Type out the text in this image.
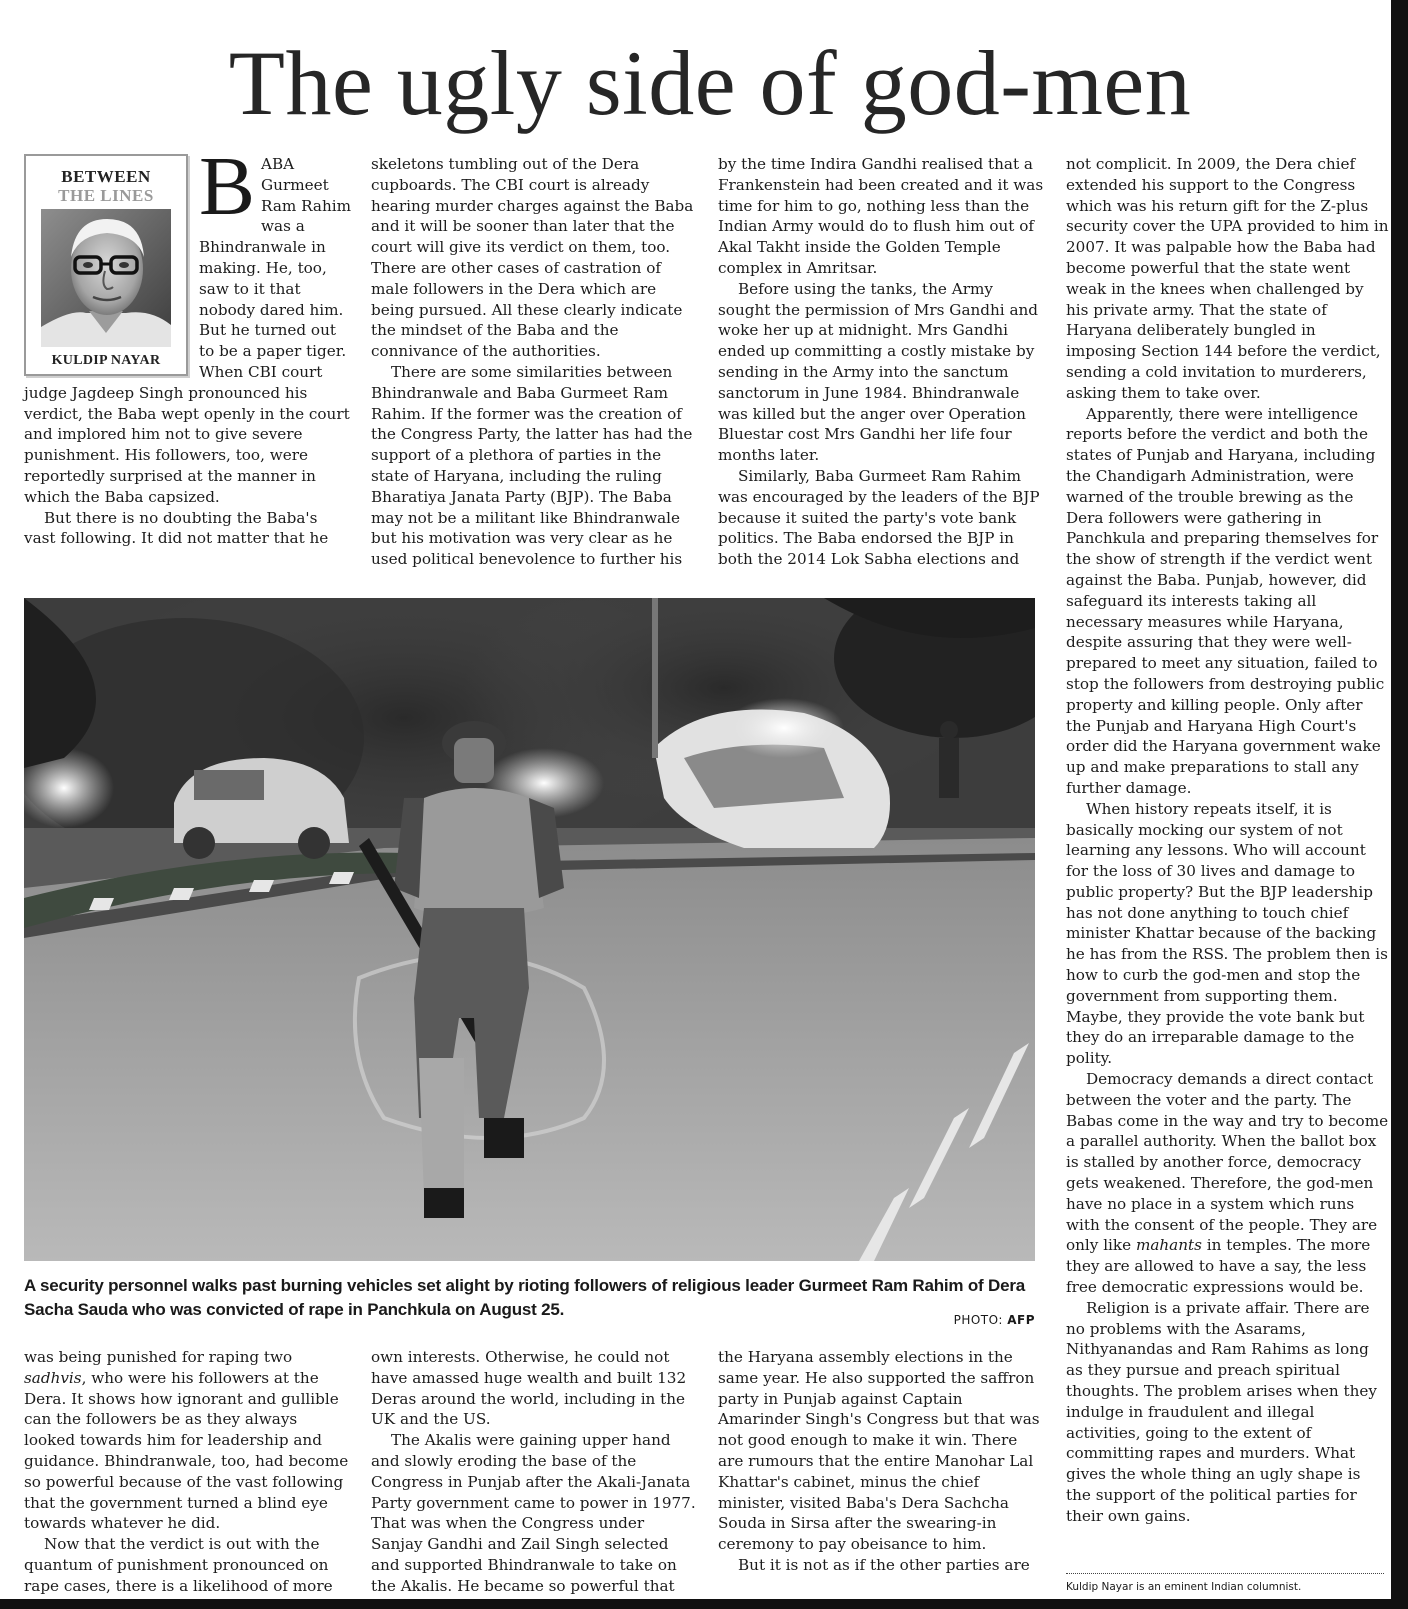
The ugly side of god-men
BETWEEN
THE LINES
KULDIP NAYAR
B ABA Gurmeet Ram Rahim was a Bhindranwale in making. He, too, saw to it that nobody dared him. But he turned out to be a paper tiger. When CBI court judge Jagdeep Singh pronounced his verdict, the Baba wept openly in the court and implored him not to give severe punishment. His followers, too, were reportedly surprised at the manner in which the Baba capsized.

But there is no doubting the Baba's vast following. It did not matter that he

skeletons tumbling out of the Dera cupboards. The CBI court is already hearing murder charges against the Baba and it will be sooner than later that the court will give its verdict on them, too. There are other cases of castration of male followers in the Dera which are being pursued. All these clearly indicate the mindset of the Baba and the connivance of the authorities.

There are some similarities between Bhindranwale and Baba Gurmeet Ram Rahim. If the former was the creation of the Congress Party, the latter has had the support of a plethora of parties in the state of Haryana, including the ruling Bharatiya Janata Party (BJP). The Baba may not be a militant like Bhindranwale but his motivation was very clear as he used political benevolence to further his

by the time Indira Gandhi realised that a Frankenstein had been created and it was time for him to go, nothing less than the Indian Army would do to flush him out of Akal Takht inside the Golden Temple complex in Amritsar.

Before using the tanks, the Army sought the permission of Mrs Gandhi and woke her up at midnight. Mrs Gandhi ended up committing a costly mistake by sending in the Army into the sanctum sanctorum in June 1984. Bhindranwale was killed but the anger over Operation Bluestar cost Mrs Gandhi her life four months later.

Similarly, Baba Gurmeet Ram Rahim was encouraged by the leaders of the BJP because it suited the party's vote bank politics. The Baba endorsed the BJP in both the 2014 Lok Sabha elections and

not complicit. In 2009, the Dera chief extended his support to the Congress which was his return gift for the Z-plus security cover the UPA provided to him in 2007. It was palpable how the Baba had become powerful that the state went weak in the knees when challenged by his private army. That the state of Haryana deliberately bungled in imposing Section 144 before the verdict, sending a cold invitation to murderers, asking them to take over.

Apparently, there were intelligence reports before the verdict and both the states of Punjab and Haryana, including the Chandigarh Administration, were warned of the trouble brewing as the Dera followers were gathering in Panchkula and preparing themselves for the show of strength if the verdict went against the Baba. Punjab, however, did safeguard its interests taking all necessary measures while Haryana, despite assuring that they were well-prepared to meet any situation, failed to stop the followers from destroying public property and killing people. Only after the Punjab and Haryana High Court's order did the Haryana government wake up and make preparations to stall any further damage.

When history repeats itself, it is basically mocking our system of not learning any lessons. Who will account for the loss of 30 lives and damage to public property? But the BJP leadership has not done anything to touch chief minister Khattar because of the backing he has from the RSS. The problem then is how to curb the god-men and stop the government from supporting them. Maybe, they provide the vote bank but they do an irreparable damage to the polity.

Democracy demands a direct contact between the voter and the party. The Babas come in the way and try to become a parallel authority. When the ballot box is stalled by another force, democracy gets weakened. Therefore, the god-men have no place in a system which runs with the consent of the people. They are only like mahants in temples. The more they are allowed to have a say, the less free democratic expressions would be.

Religion is a private affair. There are no problems with the Asarams, Nithyanandas and Ram Rahims as long as they pursue and preach spiritual thoughts. The problem arises when they indulge in fraudulent and illegal activities, going to the extent of committing rapes and murders. What gives the whole thing an ugly shape is the support of the political parties for their own gains.

A security personnel walks past burning vehicles set alight by rioting followers of religious leader Gurmeet Ram Rahim of Dera Sacha Sauda who was convicted of rape in Panchkula on August 25.
PHOTO: AFP

was being punished for raping two sadhvis, who were his followers at the Dera. It shows how ignorant and gullible can the followers be as they always looked towards him for leadership and guidance. Bhindranwale, too, had become so powerful because of the vast following that the government turned a blind eye towards whatever he did.

Now that the verdict is out with the quantum of punishment pronounced on rape cases, there is a likelihood of more

own interests. Otherwise, he could not have amassed huge wealth and built 132 Deras around the world, including in the UK and the US.

The Akalis were gaining upper hand and slowly eroding the base of the Congress in Punjab after the Akali-Janata Party government came to power in 1977. That was when the Congress under Sanjay Gandhi and Zail Singh selected and supported Bhindranwale to take on the Akalis. He became so powerful that

the Haryana assembly elections in the same year. He also supported the saffron party in Punjab against Captain Amarinder Singh's Congress but that was not good enough to make it win. There are rumours that the entire Manohar Lal Khattar's cabinet, minus the chief minister, visited Baba's Dera Sachcha Souda in Sirsa after the swearing-in ceremony to pay obeisance to him.

But it is not as if the other parties are

Kuldip Nayar is an eminent Indian columnist.
